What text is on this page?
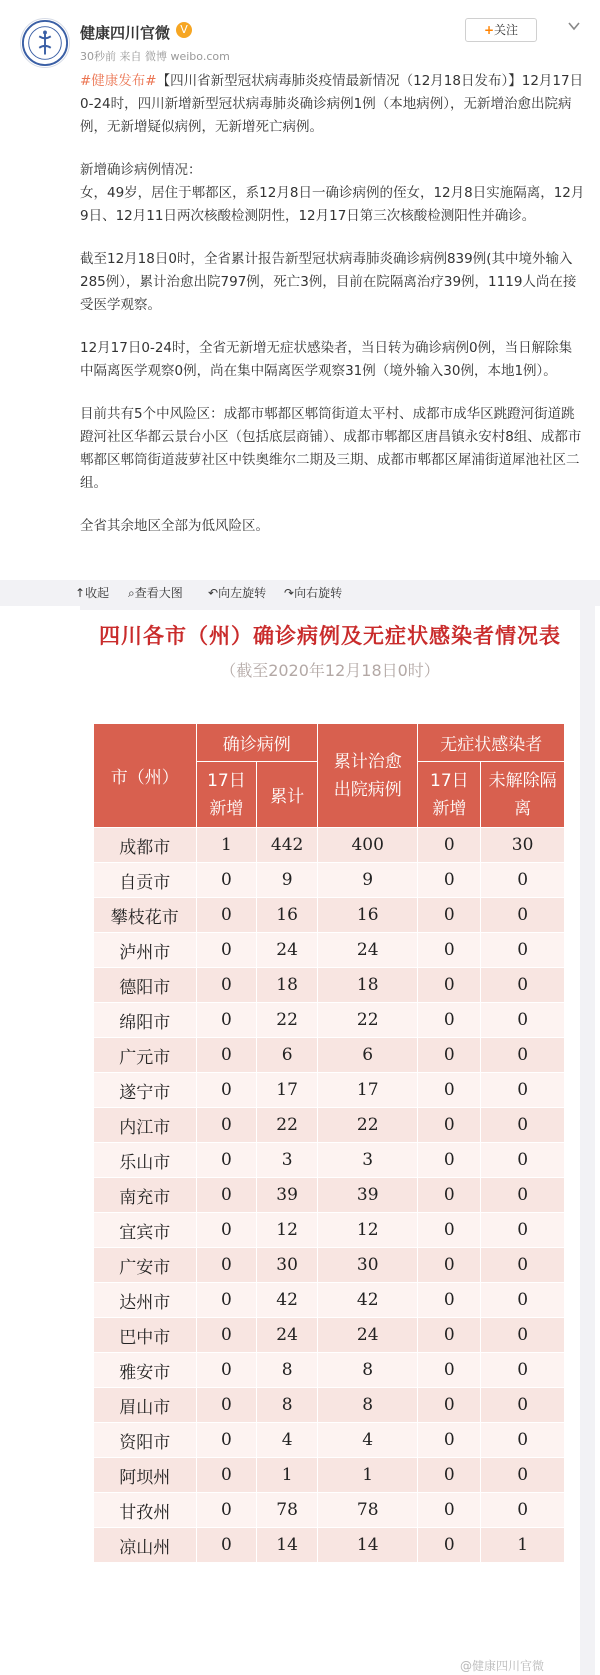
健康四川官微 V
30秒前 来自 微博 weibo.com
+关注

#健康发布#【四川省新型冠状病毒肺炎疫情最新情况（12月18日发布）】12月17日0-24时，四川新增新型冠状病毒肺炎确诊病例1例（本地病例），无新增治愈出院病例，无新增疑似病例，无新增死亡病例。

新增确诊病例情况：
女，49岁，居住于郫都区，系12月8日一确诊病例的侄女，12月8日实施隔离，12月9日、12月11日两次核酸检测阴性，12月17日第三次核酸检测阳性并确诊。

截至12月18日0时，全省累计报告新型冠状病毒肺炎确诊病例839例(其中境外输入285例），累计治愈出院797例，死亡3例，目前在院隔离治疗39例，1119人尚在接受医学观察。

12月17日0-24时，全省无新增无症状感染者，当日转为确诊病例0例，当日解除集中隔离医学观察0例，尚在集中隔离医学观察31例（境外输入30例，本地1例）。

目前共有5个中风险区：成都市郫都区郫筒街道太平村、成都市成华区跳蹬河街道跳蹬河社区华都云景台小区（包括底层商铺）、成都市郫都区唐昌镇永安村8组、成都市郫都区郫筒街道菠萝社区中铁奥维尔二期及三期、成都市郫都区犀浦街道犀池社区二组。

全省其余地区全部为低风险区。

↑收起 ⌕查看大图 ↶向左旋转 ↷向右旋转
四川各市（州）确诊病例及无症状感染者情况表
（截至2020年12月18日0时）
市（州）	确诊病例		累计治愈出院病例	无症状感染者	
	17日新增	累计		17日新增	未解除隔离
成都市	1	442	400	0	30
自贡市	0	9	9	0	0
攀枝花市	0	16	16	0	0
泸州市	0	24	24	0	0
德阳市	0	18	18	0	0
绵阳市	0	22	22	0	0
广元市	0	6	6	0	0
遂宁市	0	17	17	0	0
内江市	0	22	22	0	0
乐山市	0	3	3	0	0
南充市	0	39	39	0	0
宜宾市	0	12	12	0	0
广安市	0	30	30	0	0
达州市	0	42	42	0	0
巴中市	0	24	24	0	0
雅安市	0	8	8	0	0
眉山市	0	8	8	0	0
资阳市	0	4	4	0	0
阿坝州	0	1	1	0	0
甘孜州	0	78	78	0	0
凉山州	0	14	14	0	1
@健康四川官微
